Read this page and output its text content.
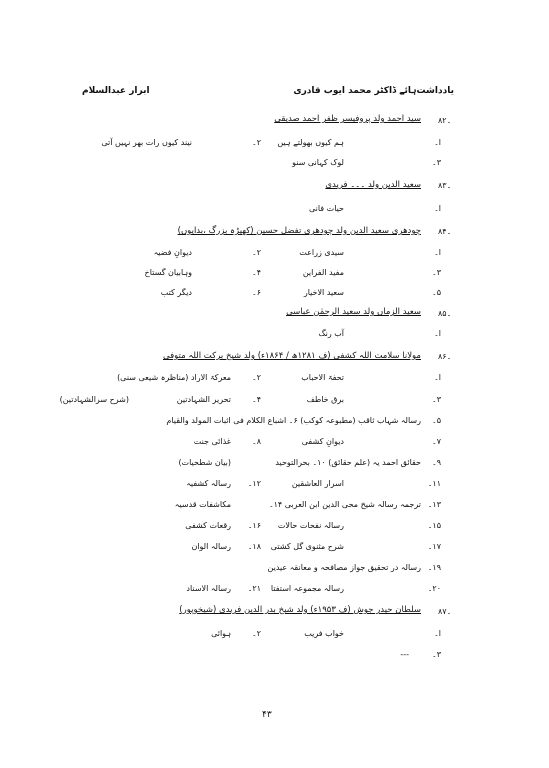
یادداشت‌ہائے ڈاکٹر محمد ایوب قادری
ابرار عبدالسلام
۔۸۲
سید احمد ولد پروفیسر ظفر احمد صدیقی
ا۔
ہم کیوں بھولتے ہیں
۲۔
نیند کیوں رات بھر نہیں آتی
۳۔
لوک کہانی سنو
۔۸۳
سعید الدین ولد ۔۔۔ فریدی
ا۔
حیات فانی
۔۸۴
چودھری سعید الدین ولد چودھری تفضل حسین (کھیڑہ بزرگ ،بدایوں)
ا۔
سیدی زراعت
۲۔
دیوانِ فضیہ
۳۔
مفید الفراین
۴۔
وہابیان گستاخ
۵۔
سعید الاخیار
۶۔
دیگر کتب
۔۸۵
سعید الزماں ولد سعید الرحمٰن عباسی
ا۔
آب رنگ
۔۸۶
مولانا سلامت اللہ کشفی (ف ۱۲۸۱ھ / ۱۸۶۴ء) ولد شیخ برکت اللہ متوفی
ا۔
تحفۃ الاحباب
۲۔
معرکۃ الاراد (مناظرہ شیعی سنی)
۳۔
برق خاطف
۴۔
تحریر الشہادتین
(شرح سرالشہادتین)
۵۔
رسالہ شہاب ثاقب (مطبوعہ کوکب) ۶۔ اشباع الکلام فی اثبات المولد والقیام
۷۔
دیوانِ کشفی
۸۔
غذائی جنت
۹۔
حقائق احمد یہ (علم حقائق) ۱۰۔ بحرالتوحید
(بیان شطحیات)
۱۱۔
اسرار العاشقین
۱۲۔
رسالہ کشفیہ
۱۳۔
ترجمہ رسالہ شیخ محی الدین ابن العربی ۱۴۔
مکاشفات قدسیہ
۱۵۔
رسالہ نفحات حالات
۱۶۔
رقعات کشفی
۱۷۔
شرح مثنوی گل کشتی
۱۸۔
رسالہ الوان
۱۹۔
رسالہ در تحقیق جواز مصافحہ و معانقہ عیدین
۲۰۔
رسالہ مجموعہ استفتا
۲۱۔
رسالہ الاسناد
۔۸۷
سلطان حیدر جوش (ف ۱۹۵۳ء) ولد شیخ بدر الدین فریدی (شیخوپور)
ا۔
خواب فریب
۲۔
ہوائی
۳۔
---
۴۳
